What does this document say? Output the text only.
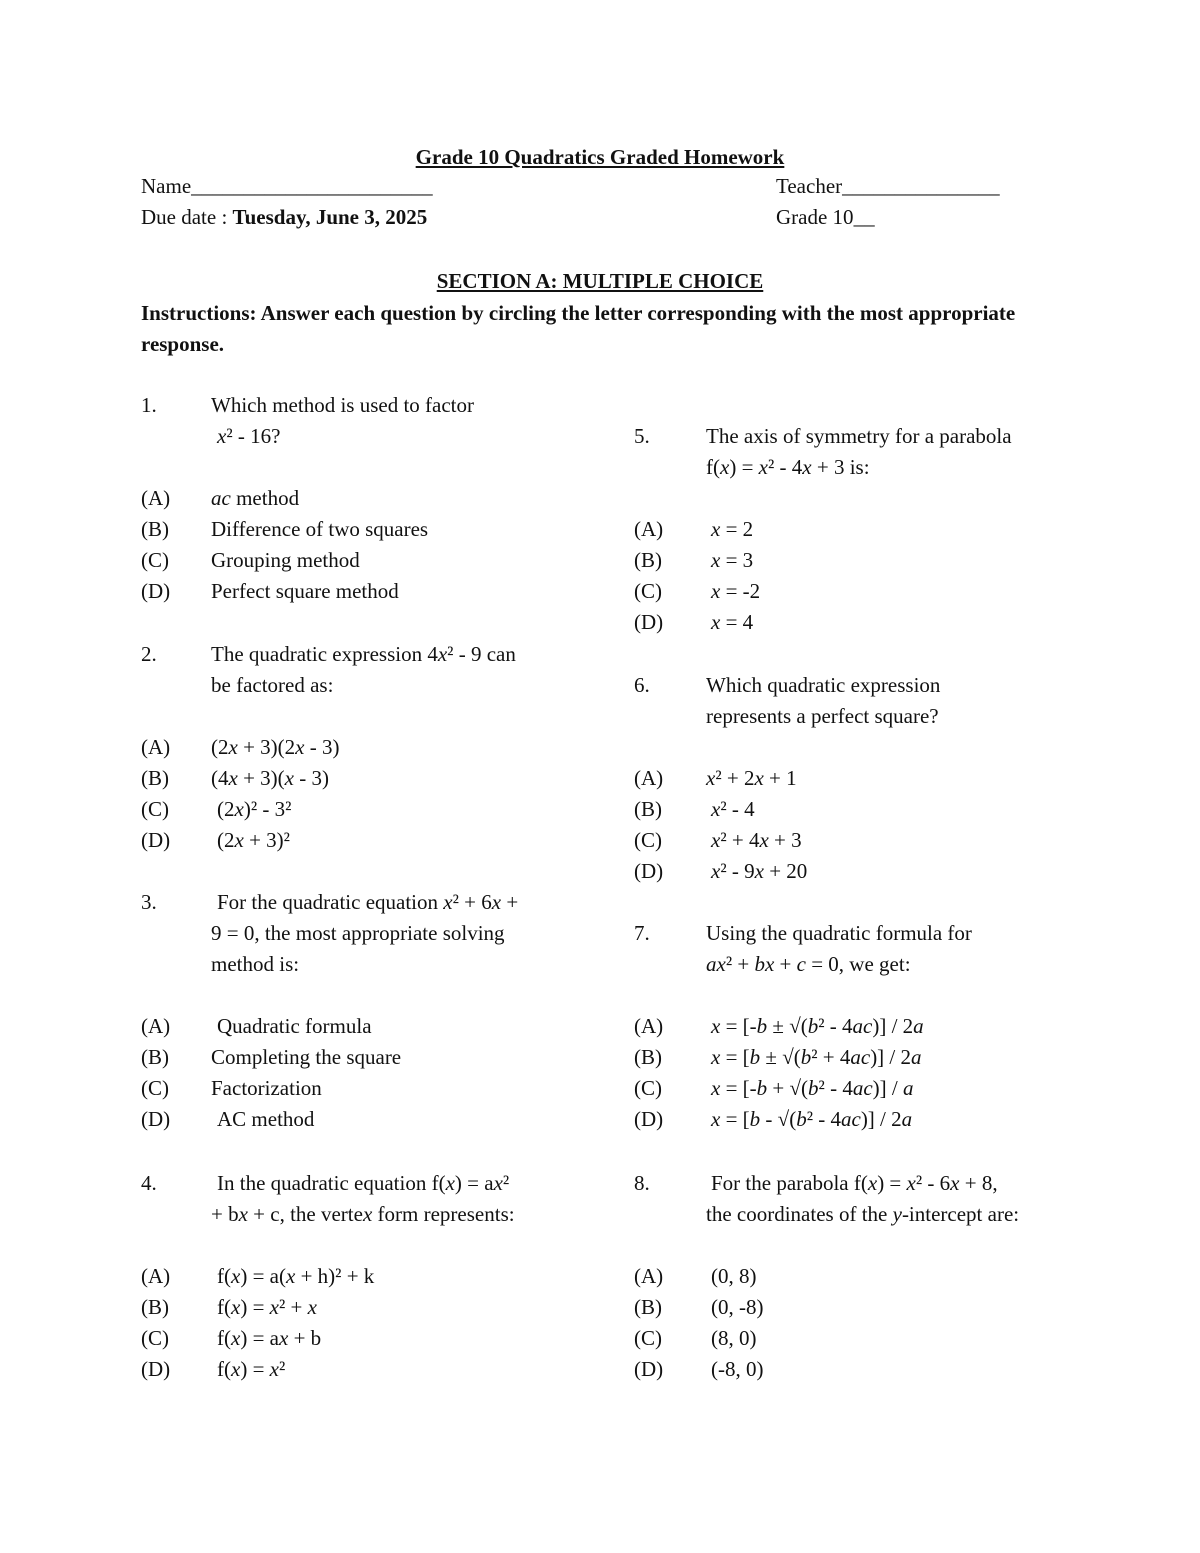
Grade 10 Quadratics Graded Homework
Name_______________________	Teacher_______________
Due date : Tuesday, June 3, 2025	Grade 10__
SECTION A: MULTIPLE CHOICE
Instructions: Answer each question by circling the letter corresponding with the most appropriate response.
1.	Which method is used to factor
x² - 16?
(A) ac method
(B) Difference of two squares
(C) Grouping method
(D) Perfect square method
2.	The quadratic expression 4x² - 9 can
be factored as:
(A) (2x + 3)(2x - 3)
(B) (4x + 3)(x - 3)
(C) (2x)² - 3²
(D) (2x + 3)²
3.	For the quadratic equation x² + 6x +
9 = 0, the most appropriate solving
method is:
(A) Quadratic formula
(B) Completing the square
(C) Factorization
(D) AC method
4.	In the quadratic equation f(x) = ax²
+ bx + c, the vertex form represents:
(A) f(x) = a(x + h)² + k
(B) f(x) = x² + x
(C) f(x) = ax + b
(D) f(x) = x²
5.	The axis of symmetry for a parabola
f(x) = x² - 4x + 3 is:
(A) x = 2
(B) x = 3
(C) x = -2
(D) x = 4
6.	Which quadratic expression
represents a perfect square?
(A) x² + 2x + 1
(B) x² - 4
(C) x² + 4x + 3
(D) x² - 9x + 20
7.	Using the quadratic formula for
ax² + bx + c = 0, we get:
(A) x = [-b ± √(b² - 4ac)] / 2a
(B) x = [b ± √(b² + 4ac)] / 2a
(C) x = [-b + √(b² - 4ac)] / a
(D) x = [b - √(b² - 4ac)] / 2a
8.	For the parabola f(x) = x² - 6x + 8,
the coordinates of the y-intercept are:
(A) (0, 8)
(B) (0, -8)
(C) (8, 0)
(D) (-8, 0)
